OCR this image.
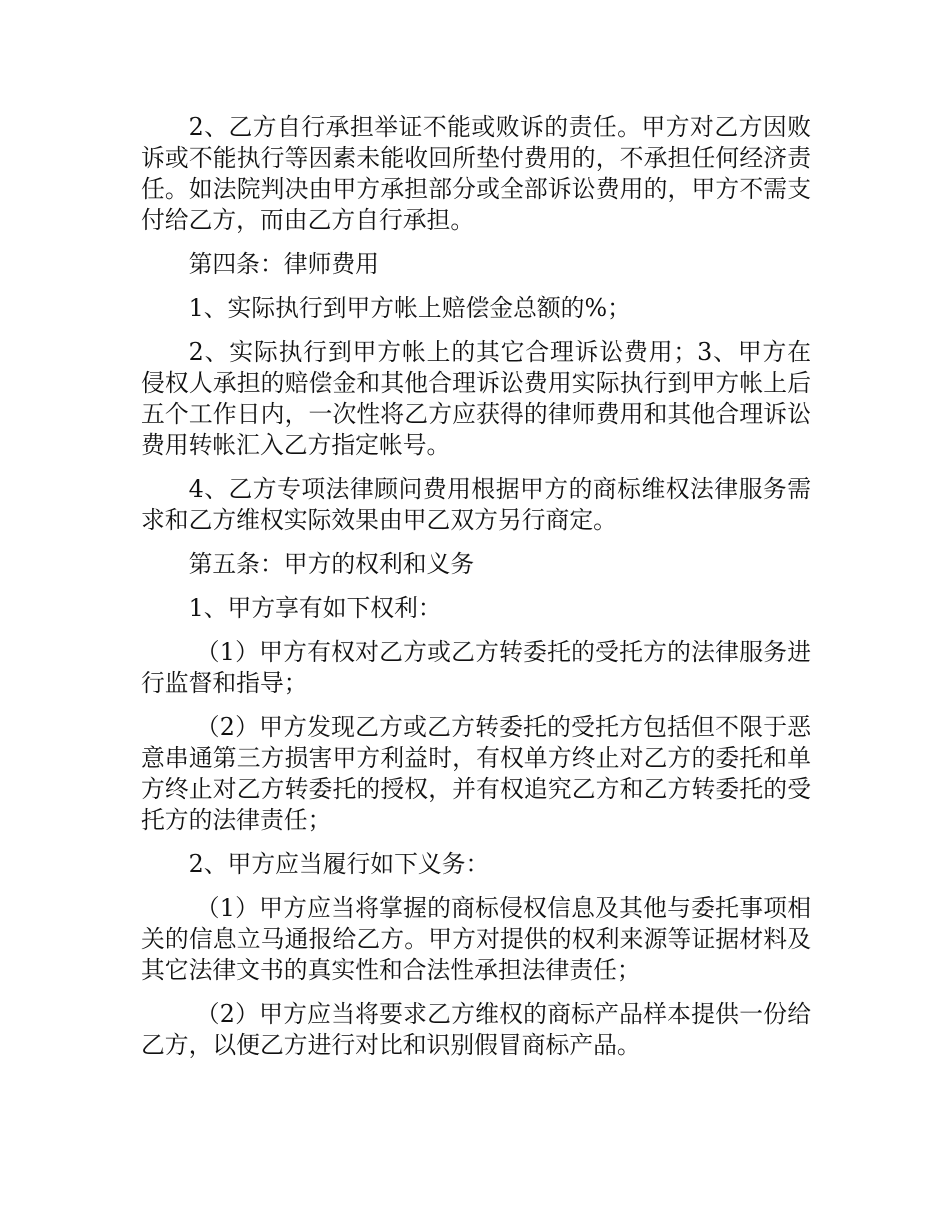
2、乙方自行承担举证不能或败诉的责任。甲方对乙方因败诉或不能执行等因素未能收回所垫付费用的，不承担任何经济责任。如法院判决由甲方承担部分或全部诉讼费用的，甲方不需支付给乙方，而由乙方自行承担。

第四条：律师费用

1、实际执行到甲方帐上赔偿金总额的%；

2、实际执行到甲方帐上的其它合理诉讼费用；3、甲方在侵权人承担的赔偿金和其他合理诉讼费用实际执行到甲方帐上后五个工作日内，一次性将乙方应获得的律师费用和其他合理诉讼费用转帐汇入乙方指定帐号。

4、乙方专项法律顾问费用根据甲方的商标维权法律服务需求和乙方维权实际效果由甲乙双方另行商定。

第五条：甲方的权利和义务

1、甲方享有如下权利：

（1）甲方有权对乙方或乙方转委托的受托方的法律服务进行监督和指导；

（2）甲方发现乙方或乙方转委托的受托方包括但不限于恶意串通第三方损害甲方利益时，有权单方终止对乙方的委托和单方终止对乙方转委托的授权，并有权追究乙方和乙方转委托的受托方的法律责任；

2、甲方应当履行如下义务：

（1）甲方应当将掌握的商标侵权信息及其他与委托事项相关的信息立马通报给乙方。甲方对提供的权利来源等证据材料及其它法律文书的真实性和合法性承担法律责任；

（2）甲方应当将要求乙方维权的商标产品样本提供一份给乙方，以便乙方进行对比和识别假冒商标产品。
